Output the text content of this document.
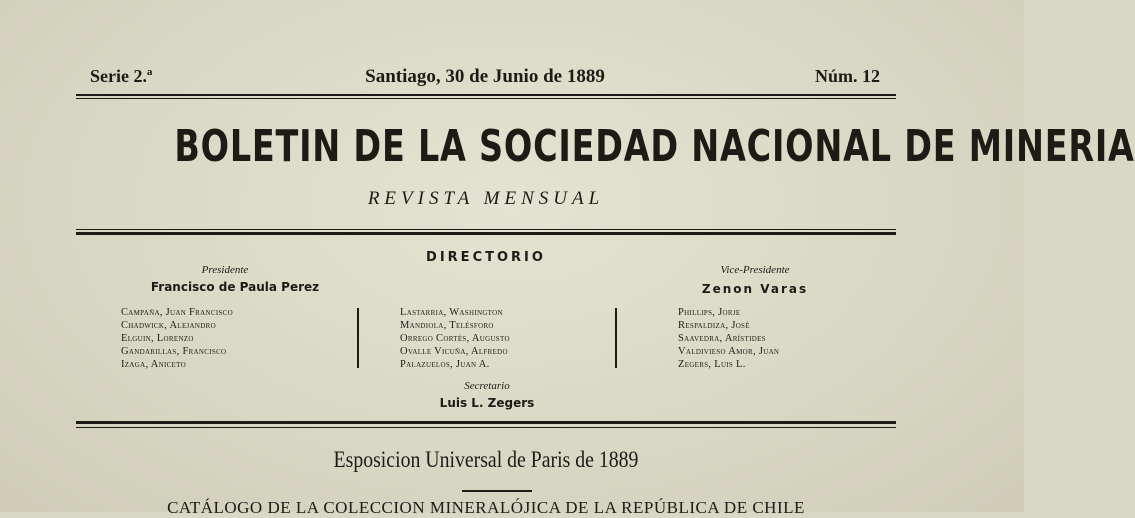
Serie 2.ª	Santiago, 30 de Junio de 1889	Núm. 12
BOLETIN DE LA SOCIEDAD NACIONAL DE MINERIA
REVISTA MENSUAL
DIRECTORIO
Presidente
Francisco de Paula Perez
Vice-Presidente
Zenon Varas
Campaña, Juan Francisco
Chadwick, Alejandro
Elguin, Lorenzo
Gandarillas, Francisco
Izaga, Aniceto
Lastarria, Washington
Mandiola, Telésforo
Orrego Cortés, Augusto
Ovalle Vicuña, Alfredo
Palazuelos, Juan A.
Phillips, Jorje
Respaldiza, José
Saavedra, Arístides
Valdivieso Amor, Juan
Zegers, Luis L.
Secretario
Luis L. Zegers
Esposicion Universal de Paris de 1889
CATÁLOGO DE LA COLECCION MINERALÓJICA DE LA REPÚBLICA DE CHILE
